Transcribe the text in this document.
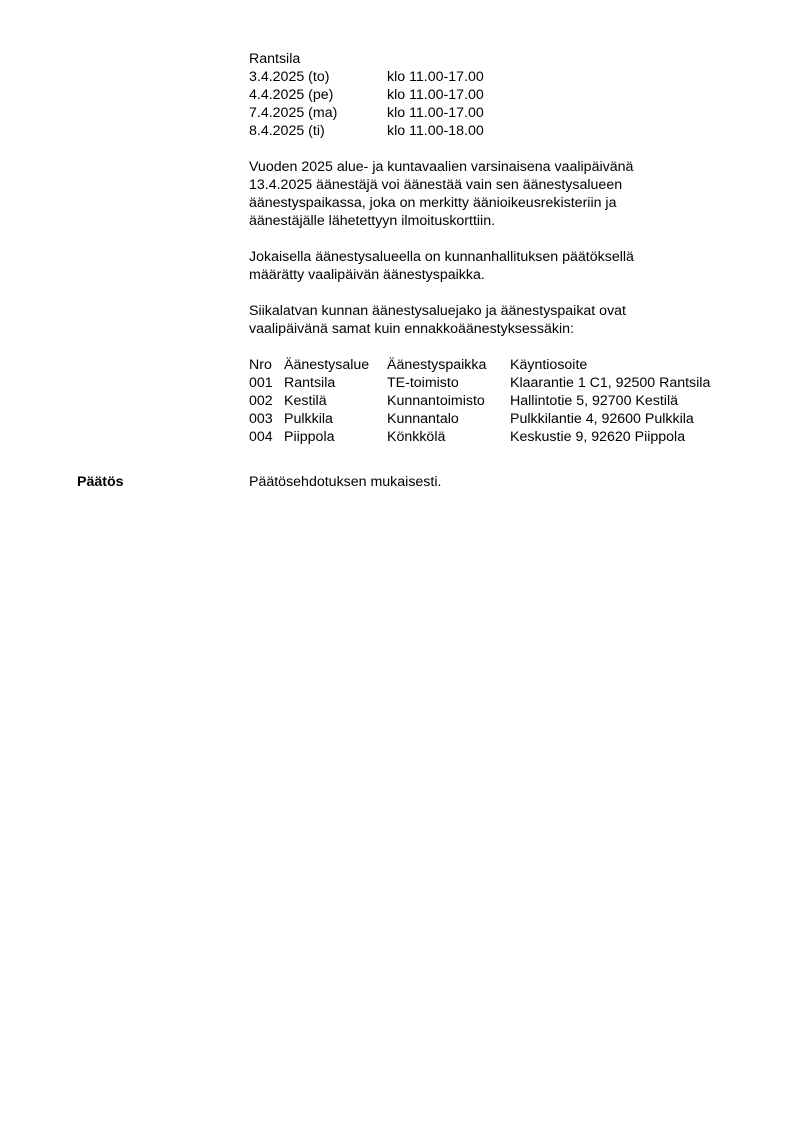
Rantsila
3.4.2025 (to)	klo 11.00-17.00
4.4.2025 (pe)	klo 11.00-17.00
7.4.2025 (ma)	klo 11.00-17.00
8.4.2025 (ti)	klo 11.00-18.00
Vuoden 2025 alue- ja kuntavaalien varsinaisena vaalipäivänä
13.4.2025 äänestäjä voi äänestää vain sen äänestysalueen
äänestyspaikassa, joka on merkitty äänioikeusrekisteriin ja
äänestäjälle lähetettyyn ilmoituskorttiin.
Jokaisella äänestysalueella on kunnanhallituksen päätöksellä
määrätty vaalipäivän äänestyspaikka.
Siikalatvan kunnan äänestysaluejako ja äänestyspaikat ovat
vaalipäivänä samat kuin ennakkoäänestyksessäkin:
Nro Äänestysalue	Äänestyspaikka	Käyntiosoite
001 Rantsila	TE-toimisto	Klaarantie 1 C1, 92500 Rantsila
002 Kestilä	Kunnantoimisto	Hallintotie 5, 92700 Kestilä
003 Pulkkila	Kunnantalo	Pulkkilantie 4, 92600 Pulkkila
004 Piippola	Könkkölä	Keskustie 9, 92620 Piippola
Päätös	Päätösehdotuksen mukaisesti.
